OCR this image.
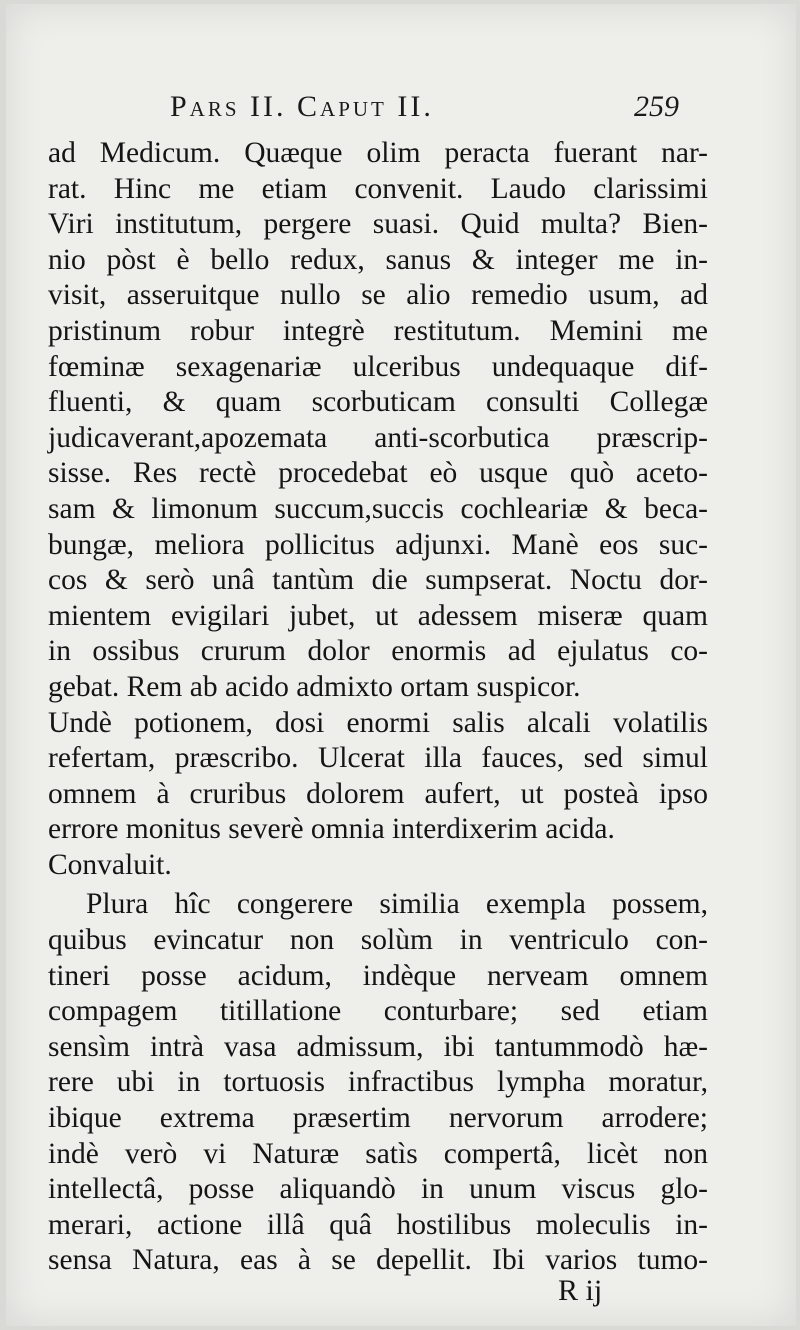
Pars II. Caput II.	259
ad Medicum. Quæque olim peracta fuerant nar-
rat. Hinc me etiam convenit. Laudo clarissimi
Viri institutum, pergere suasi. Quid multa? Bien-
nio pòst è bello redux, sanus & integer me in-
visit, asseruitque nullo se alio remedio usum, ad
pristinum robur integrè restitutum. Memini me
fœminæ sexagenariæ ulceribus undequaque dif-
fluenti, & quam scorbuticam consulti Collegæ
judicaverant,apozemata anti-scorbutica præscrip-
sisse. Res rectè procedebat eò usque quò aceto-
sam & limonum succum,succis cochleariæ & beca-
bungæ, meliora pollicitus adjunxi. Manè eos suc-
cos & serò unâ tantùm die sumpserat. Noctu dor-
mientem evigilari jubet, ut adessem miseræ quam
in ossibus crurum dolor enormis ad ejulatus co-
gebat. Rem ab acido admixto ortam suspicor.
Undè potionem, dosi enormi salis alcali volatilis
refertam, præscribo. Ulcerat illa fauces, sed simul
omnem à cruribus dolorem aufert, ut posteà ipso
errore monitus severè omnia interdixerim acida.
Convaluit.
Plura hîc congerere similia exempla possem,
quibus evincatur non solùm in ventriculo con-
tineri posse acidum, indèque nerveam omnem
compagem titillatione conturbare; sed etiam
sensìm intrà vasa admissum, ibi tantummodò hæ-
rere ubi in tortuosis infractibus lympha moratur,
ibique extrema præsertim nervorum arrodere;
indè verò vi Naturæ satìs compertâ, licèt non
intellectâ, posse aliquandò in unum viscus glo-
merari, actione illâ quâ hostilibus moleculis in-
sensa Natura, eas à se depellit. Ibi varios tumo-
R ij
